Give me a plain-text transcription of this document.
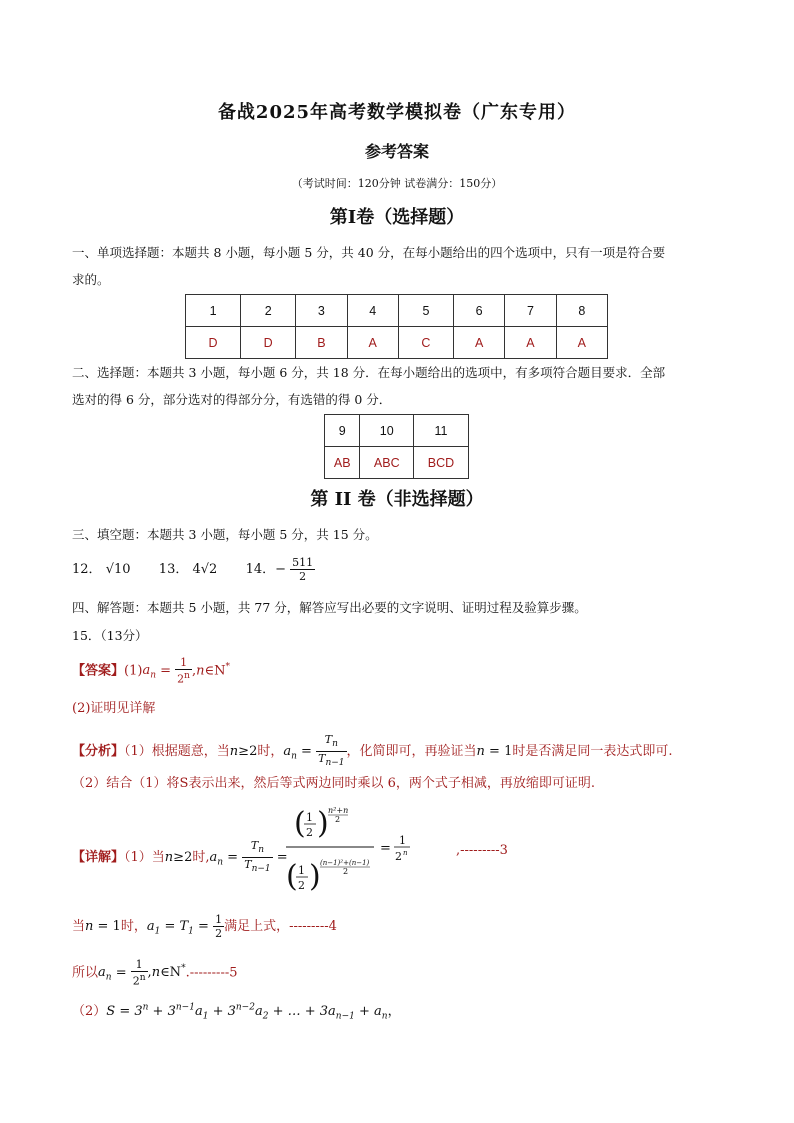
备战2025年高考数学模拟卷（广东专用）
参考答案
（考试时间：120分钟 试卷满分：150分）
第I卷（选择题）
一、单项选择题：本题共 8 小题，每小题 5 分，共 40 分，在每小题给出的四个选项中，只有一项是符合要
求的。
1	2	3	4	5	6	7	8
D	D	B	A	C	A	A	A
二、选择题：本题共 3 小题，每小题 6 分，共 18 分．在每小题给出的选项中，有多项符合题目要求．全部
选对的得 6 分，部分选对的得部分分，有选错的得 0 分．
9	10	11
AB	ABC	BCD
第 II 卷（非选择题）
三、填空题：本题共 3 小题，每小题 5 分，共 15 分。
12． √10 13． 4√2 14．− $\frac{511}{2}$
四、解答题：本题共 5 小题，共 77 分，解答应写出必要的文字说明、证明过程及验算步骤。
15．（13分）
【答案】$(1)a_n = \frac{1}{2^n}$ ,n∈N*
(2)证明见详解
【分析】（1）根据题意，当n≥2时，$a_n = \frac{T_n}{T_{n-1}}$ ，化简即可，再验证当n = 1时是否满足同一表达式即可.
（2）结合（1）将S表示出来，然后等式两边同时乘以 6，两个式子相减，再放缩即可证明.
【详解】（1）当n≥2时$,a_n = \frac{T_n}{T_{n-1}}$ =
( 1
2 ) n²+n
2
( 1
2 ) (n−1)²+(n−1)
2
=
1
2 n	,---------3
当n = 1时，$a_1 = T_1 = \frac{1}{2}$ 满足上式，---------4
所以$a_n = \frac{1}{2^n}$ ,n∈N*.---------5
$(2)S = 3^n + 3^{n-1}a_1 + 3^{n-2}a_2$ + … + $3a_{n-1} + a_n$，
